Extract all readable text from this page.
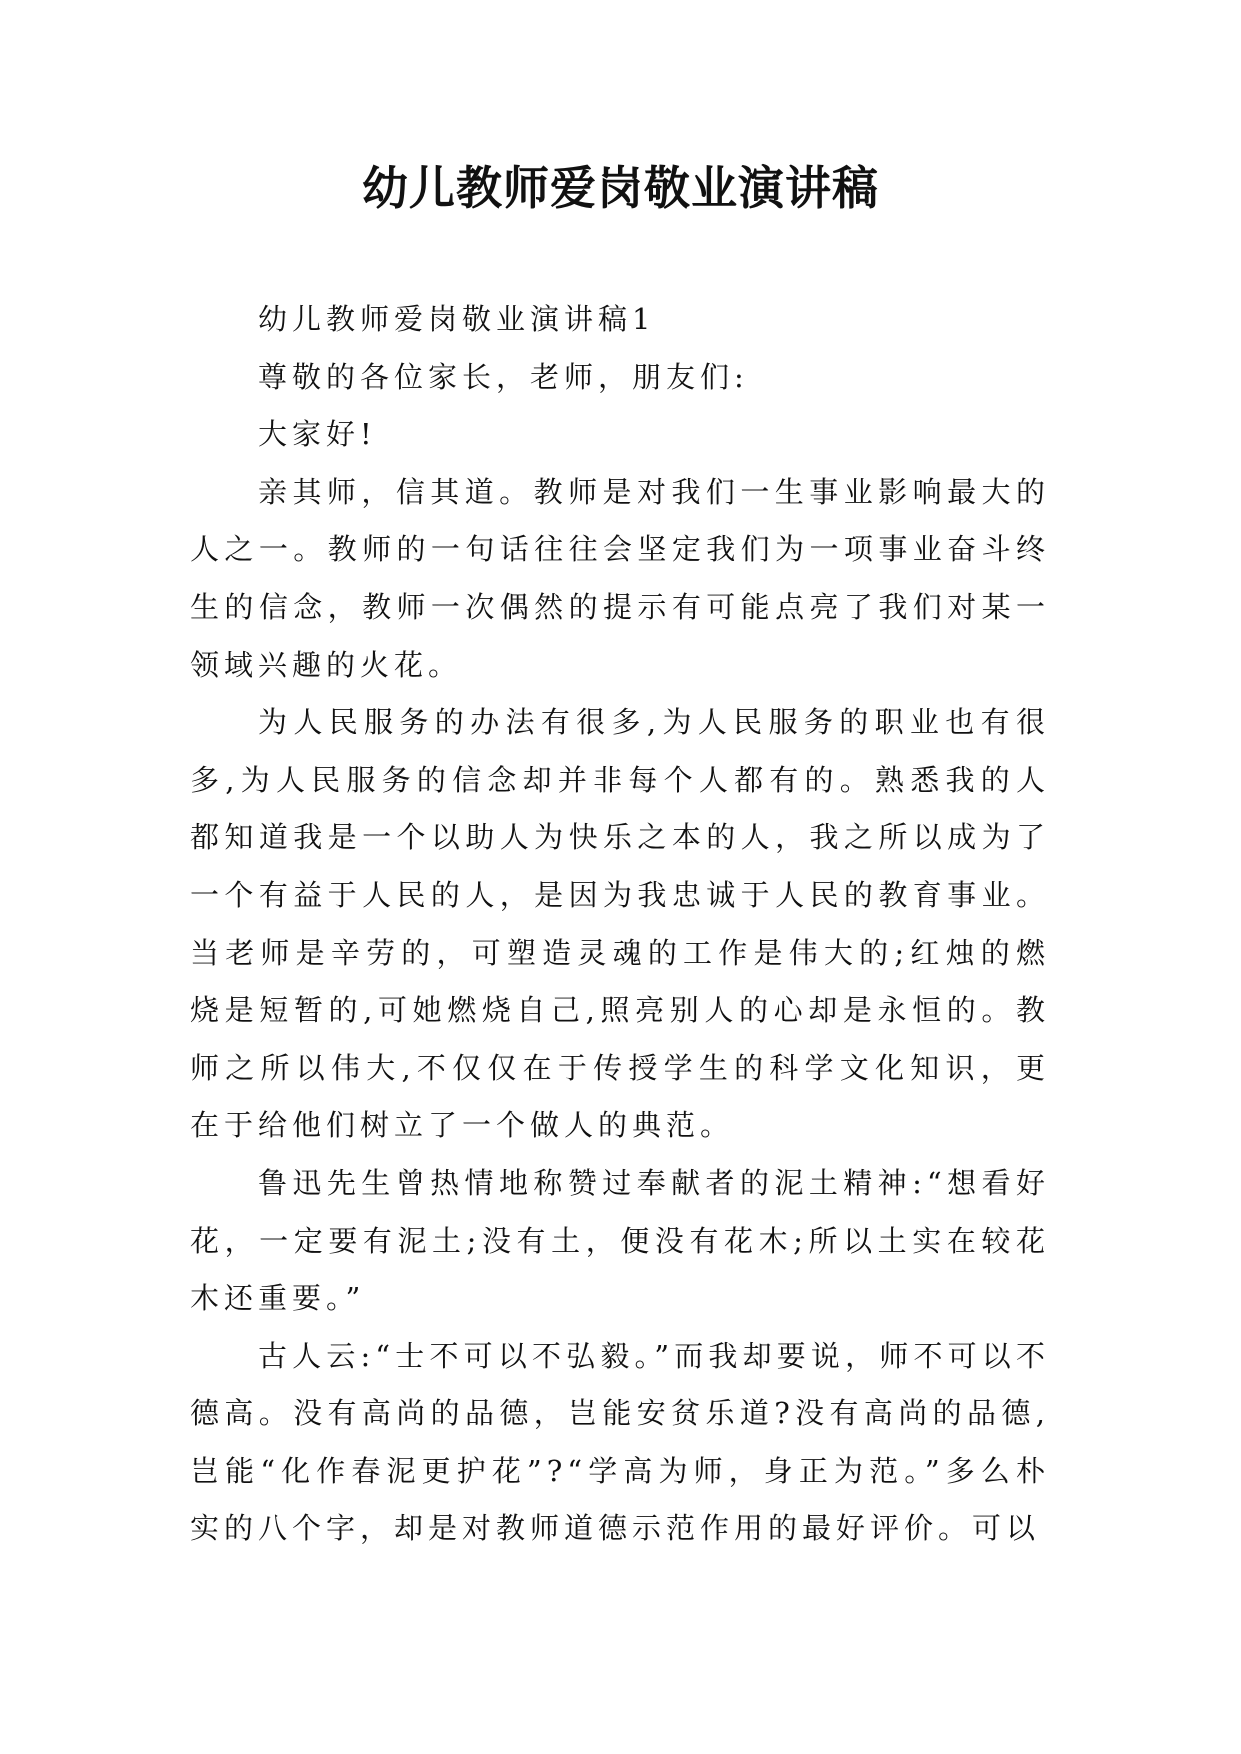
幼儿教师爱岗敬业演讲稿

幼儿教师爱岗敬业演讲稿1

尊敬的各位家长，老师，朋友们:

大家好!

亲其师，信其道。教师是对我们一生事业影响最大的人之一。教师的一句话往往会坚定我们为一项事业奋斗终生的信念，教师一次偶然的提示有可能点亮了我们对某一领域兴趣的火花。

为人民服务的办法有很多,为人民服务的职业也有很多,为人民服务的信念却并非每个人都有的。熟悉我的人都知道我是一个以助人为快乐之本的人，我之所以成为了一个有益于人民的人，是因为我忠诚于人民的教育事业。当老师是辛劳的，可塑造灵魂的工作是伟大的;红烛的燃烧是短暂的,可她燃烧自己,照亮别人的心却是永恒的。教师之所以伟大,不仅仅在于传授学生的科学文化知识，更在于给他们树立了一个做人的典范。

鲁迅先生曾热情地称赞过奉献者的泥土精神:“想看好花，一定要有泥土;没有土，便没有花木;所以土实在较花木还重要。”

古人云:“士不可以不弘毅。”而我却要说，师不可以不德高。没有高尚的品德，岂能安贫乐道?没有高尚的品德,岂能“化作春泥更护花”?“学高为师，身正为范。”多么朴实的八个字，却是对教师道德示范作用的最好评价。可以
